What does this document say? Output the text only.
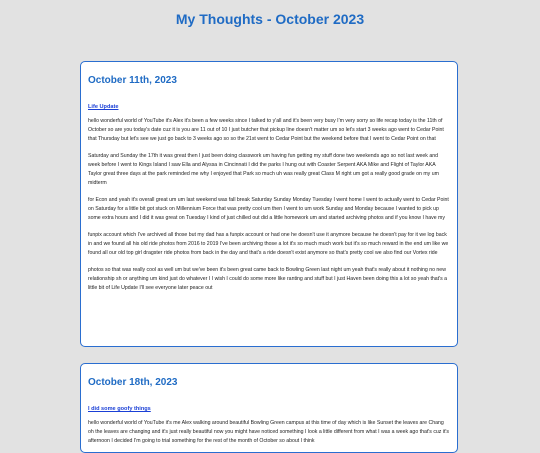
My Thoughts - October 2023
October 11th, 2023
Life Update

hello wonderful world of YouTube it's Alex it's been a few weeks since I talked to y'all and it's been very busy I'm very sorry so life recap today is the 11th of October so are you today's date cuz it is you are 11 out of 10 I just butcher that pickup line doesn't matter um so let's start 3 weeks ago went to Cedar Point that Thursday but let's see we just go back to 3 weeks ago so so the 21st went to Cedar Point but the weekend before that I went to Cedar Point on that

Saturday and Sunday the 17th it was great then I just been doing classwork um having fun getting my stuff done two weekends ago so not last week and week before I went to Kings Island I saw Ella and Alyssa in Cincinnati I did the parks I hung out with Coaster Serpent AKA Mike and Flight of Taylor AKA Taylor great three days at the park reminded me why I enjoyed that Park so much uh was really great Class M right um got a really good grade on my um midterm

for Econ and yeah it's overall great um um last weekend was fall break Saturday Sunday Monday Tuesday I went home I went to actually went to Cedar Point on Saturday for a little bit got stuck on Millennium Force that was pretty cool um then I went to um work Sunday and Monday because I wanted to pick up some extra hours and I did it was great on Tuesday I kind of just chilled out did a little homework um and started archiving photos and if you know I have my

funpix account which I've archived all those but my dad has a funpix account or had one he doesn't use it anymore because he doesn't pay for it we log back in and we found all his old ride photos from 2016 to 2019 I've been archiving those a lot it's so much much work but it's so much reward in the end um like we found all our old top girl dragster ride photos from back in the day and that's a ride doesn't exist anymore so that's pretty cool we also find our Vortex ride

photos so that was really cool as well um but we've been it's been great came back to Bowling Green last night um yeah that's really about it nothing no new relationship sh or anything um kind just do whatever I I wish I could do some more like ranting and stuff but I just Haven been doing this a lot so yeah that's a little bit of Life Update I'll see everyone later peace out

October 18th, 2023
I did some goofy things

hello wonderful world of YouTube it's me Alex walking around beautiful Bowling Green campus at this time of day which is like Sunset the leaves are Chang oh the leaves are changing and it's just really beautiful now you might have noticed something I look a little different from what I was a week ago that's cuz it's afternoon I decided I'm going to trial something for the rest of the month of October so about I think
